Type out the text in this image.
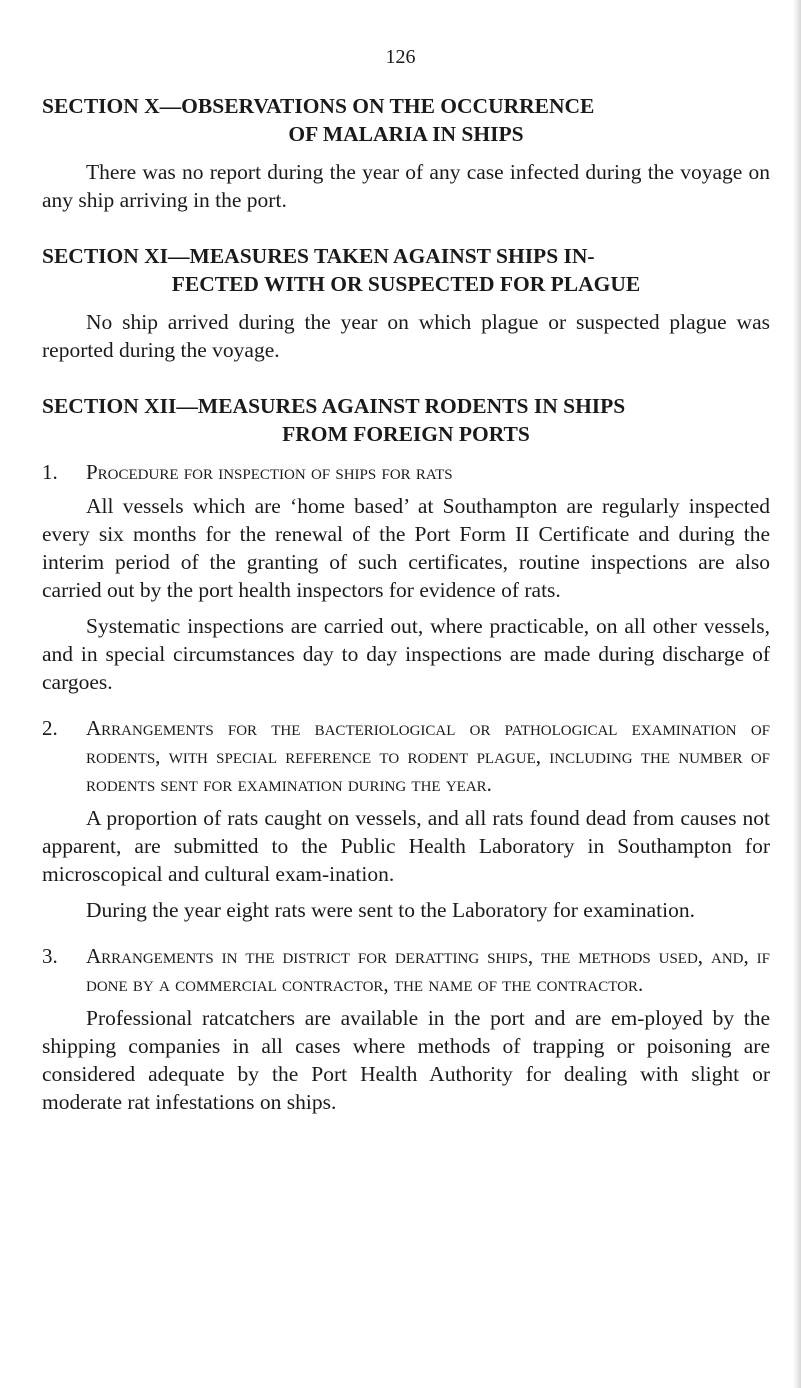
126
SECTION X—OBSERVATIONS ON THE OCCURRENCE
OF MALARIA IN SHIPS

There was no report during the year of any case infected during the voyage on any ship arriving in the port.

SECTION XI—MEASURES TAKEN AGAINST SHIPS IN-
FECTED WITH OR SUSPECTED FOR PLAGUE

No ship arrived during the year on which plague or suspected plague was reported during the voyage.

SECTION XII—MEASURES AGAINST RODENTS IN SHIPS
FROM FOREIGN PORTS
1. Procedure for inspection of ships for rats

All vessels which are ‘home based’ at Southampton are regularly inspected every six months for the renewal of the Port Form II Certificate and during the interim period of the granting of such certificates, routine inspections are also carried out by the port health inspectors for evidence of rats.

Systematic inspections are carried out, where practicable, on all other vessels, and in special circumstances day to day inspections are made during discharge of cargoes.

2. Arrangements for the bacteriological or pathological examination of rodents, with special reference to rodent plague, including the number of rodents sent for examination during the year.

A proportion of rats caught on vessels, and all rats found dead from causes not apparent, are submitted to the Public Health Laboratory in Southampton for microscopical and cultural exam-ination.

During the year eight rats were sent to the Laboratory for examination.

3. Arrangements in the district for deratting ships, the methods used, and, if done by a commercial contractor, the name of the contractor.

Professional ratcatchers are available in the port and are em-ployed by the shipping companies in all cases where methods of trapping or poisoning are considered adequate by the Port Health Authority for dealing with slight or moderate rat infestations on ships.
